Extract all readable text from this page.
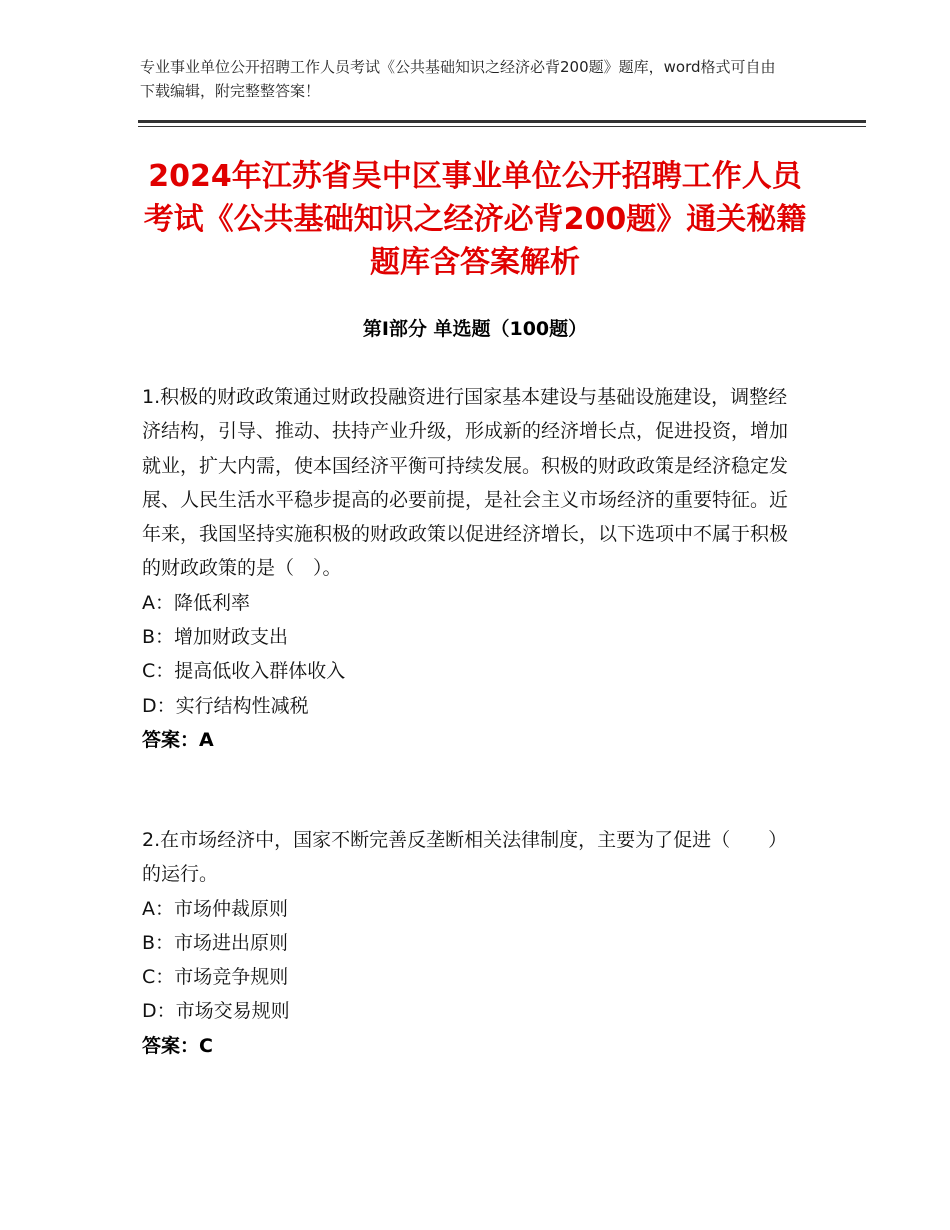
专业事业单位公开招聘工作人员考试《公共基础知识之经济必背200题》题库，word格式可自由下载编辑，附完整整答案！
2024年江苏省吴中区事业单位公开招聘工作人员考试《公共基础知识之经济必背200题》通关秘籍题库含答案解析
第Ⅰ部分 单选题（100题）

1.积极的财政政策通过财政投融资进行国家基本建设与基础设施建设，调整经济结构，引导、推动、扶持产业升级，形成新的经济增长点，促进投资，增加就业，扩大内需，使本国经济平衡可持续发展。积极的财政政策是经济稳定发展、人民生活水平稳步提高的必要前提，是社会主义市场经济的重要特征。近年来，我国坚持实施积极的财政政策以促进经济增长，以下选项中不属于积极的财政政策的是（　）。

A：降低利率

B：增加财政支出

C：提高低收入群体收入

D：实行结构性减税

答案：A

2.在市场经济中，国家不断完善反垄断相关法律制度，主要为了促进（　　）的运行。

A：市场仲裁原则

B：市场进出原则

C：市场竞争规则

D：市场交易规则

答案：C
